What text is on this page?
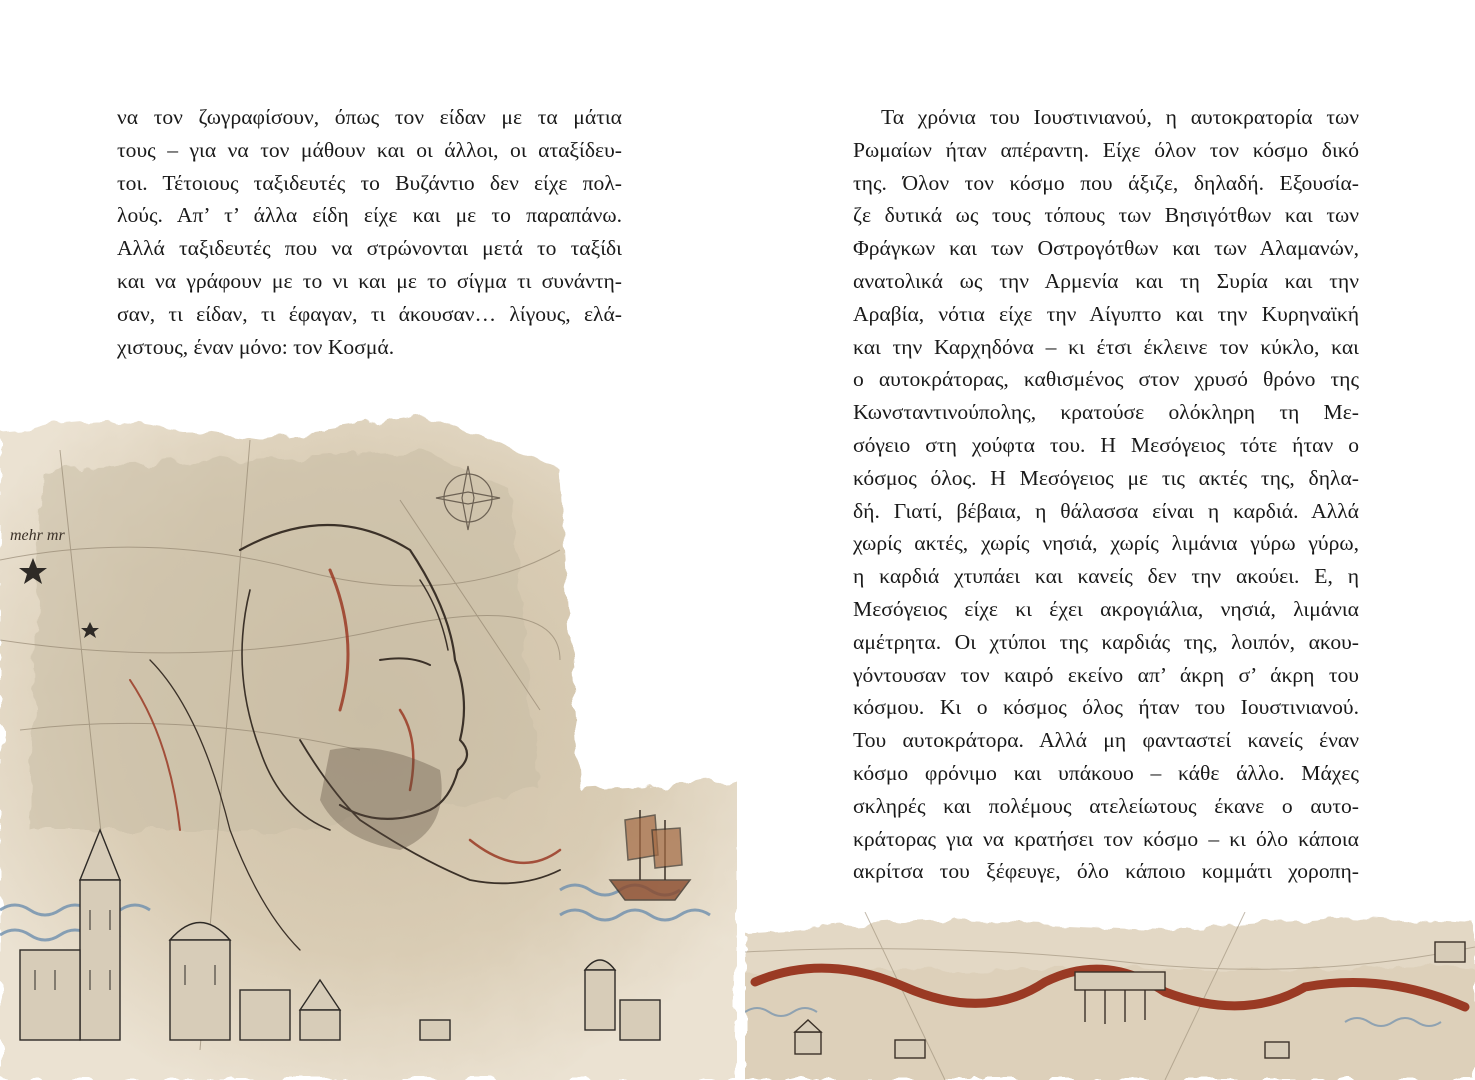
να τον ζωγραφίσουν, όπως τον είδαν με τα μάτια
τους – για να τον μάθουν και οι άλλοι, οι αταξίδευ-
τοι. Τέτοιους ταξιδευτές το Βυζάντιο δεν είχε πολ-
λούς. Απ’ τ’ άλλα είδη είχε και με το παραπάνω.
Αλλά ταξιδευτές που να στρώνονται μετά το ταξίδι
και να γράφουν με το νι και με το σίγμα τι συνάντη-
σαν, τι είδαν, τι έφαγαν, τι άκουσαν… λίγους, ελά-
χιστους, έναν μόνο: τον Κοσμά.
mehr mr
Τα χρόνια του Ιουστινιανού, η αυτοκρατορία των
Ρωμαίων ήταν απέραντη. Είχε όλον τον κόσμο δικό
της. Όλον τον κόσμο που άξιζε, δηλαδή. Εξουσία-
ζε δυτικά ως τους τόπους των Βησιγότθων και των
Φράγκων και των Οστρογότθων και των Αλαμανών,
ανατολικά ως την Αρμενία και τη Συρία και την
Αραβία, νότια είχε την Αίγυπτο και την Κυρηναϊκή
και την Καρχηδόνα – κι έτσι έκλεινε τον κύκλο, και
ο αυτοκράτορας, καθισμένος στον χρυσό θρόνο της
Κωνσταντινούπολης, κρατούσε ολόκληρη τη Με-
σόγειο στη χούφτα του. Η Μεσόγειος τότε ήταν ο
κόσμος όλος. Η Μεσόγειος με τις ακτές της, δηλα-
δή. Γιατί, βέβαια, η θάλασσα είναι η καρδιά. Αλλά
χωρίς ακτές, χωρίς νησιά, χωρίς λιμάνια γύρω γύρω,
η καρδιά χτυπάει και κανείς δεν την ακούει. Ε, η
Μεσόγειος είχε κι έχει ακρογιάλια, νησιά, λιμάνια
αμέτρητα. Οι χτύποι της καρδιάς της, λοιπόν, ακου-
γόντουσαν τον καιρό εκείνο απ’ άκρη σ’ άκρη του
κόσμου. Κι ο κόσμος όλος ήταν του Ιουστινιανού.
Του αυτοκράτορα. Αλλά μη φανταστεί κανείς έναν
κόσμο φρόνιμο και υπάκουο – κάθε άλλο. Μάχες
σκληρές και πολέμους ατελείωτους έκανε ο αυτο-
κράτορας για να κρατήσει τον κόσμο – κι όλο κάποια
ακρίτσα του ξέφευγε, όλο κάποιο κομμάτι χοροπη-
